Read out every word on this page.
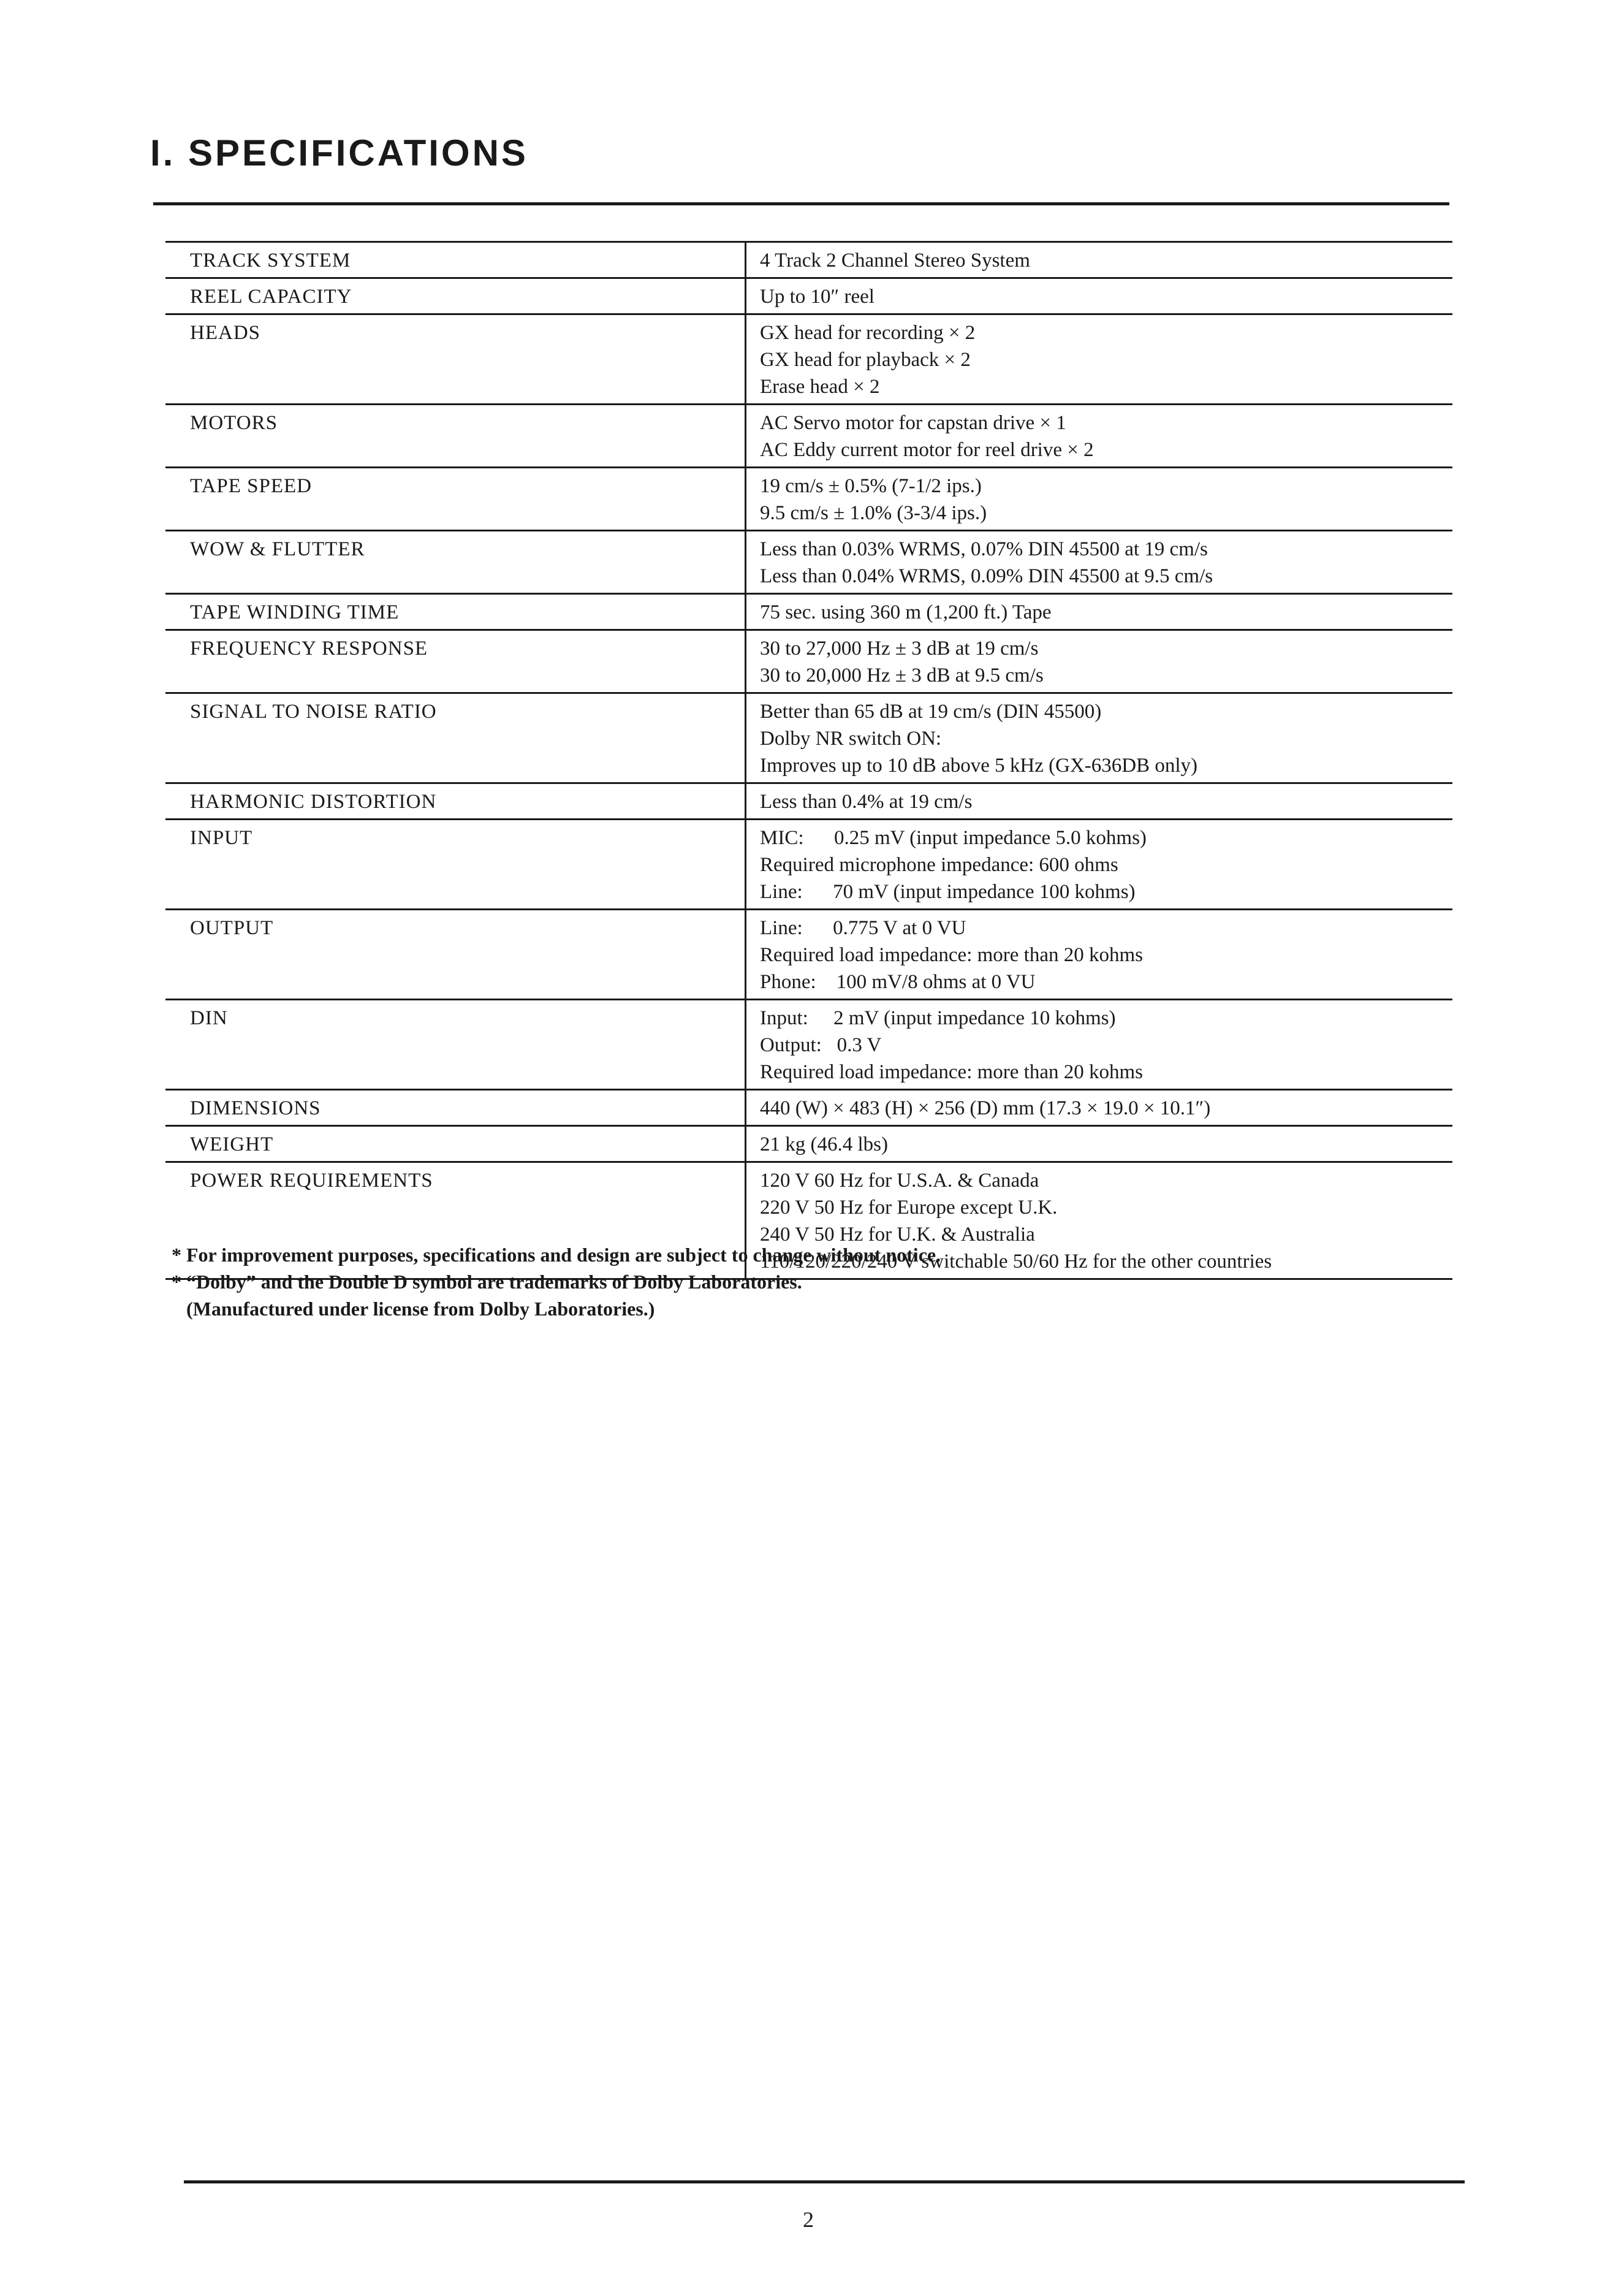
I. SPECIFICATIONS
TRACK SYSTEM	4 Track 2 Channel Stereo System

REEL CAPACITY	Up to 10″ reel

HEADS	GX head for recording × 2
GX head for playback × 2
Erase head × 2

MOTORS	AC Servo motor for capstan drive × 1
AC Eddy current motor for reel drive × 2

TAPE SPEED	19 cm/s ± 0.5% (7-1/2 ips.)
9.5 cm/s ± 1.0% (3-3/4 ips.)

WOW & FLUTTER	Less than 0.03% WRMS, 0.07% DIN 45500 at 19 cm/s
Less than 0.04% WRMS, 0.09% DIN 45500 at 9.5 cm/s

TAPE WINDING TIME	75 sec. using 360 m (1,200 ft.) Tape

FREQUENCY RESPONSE	30 to 27,000 Hz ± 3 dB at 19 cm/s
30 to 20,000 Hz ± 3 dB at 9.5 cm/s

SIGNAL TO NOISE RATIO	Better than 65 dB at 19 cm/s (DIN 45500)
Dolby NR switch ON:
Improves up to 10 dB above 5 kHz (GX-636DB only)

HARMONIC DISTORTION	Less than 0.4% at 19 cm/s

INPUT	MIC:      0.25 mV (input impedance 5.0 kohms)
Required microphone impedance: 600 ohms
Line:      70 mV (input impedance 100 kohms)

OUTPUT	Line:      0.775 V at 0 VU
Required load impedance: more than 20 kohms
Phone:    100 mV/8 ohms at 0 VU

DIN	Input:     2 mV (input impedance 10 kohms)
Output:   0.3 V
Required load impedance: more than 20 kohms

DIMENSIONS	440 (W) × 483 (H) × 256 (D) mm (17.3 × 19.0 × 10.1″)

WEIGHT	21 kg (46.4 lbs)

POWER REQUIREMENTS	120 V 60 Hz for U.S.A. & Canada
220 V 50 Hz for Europe except U.K.
240 V 50 Hz for U.K. & Australia
110/120/220/240 V switchable 50/60 Hz for the other countries
* For improvement purposes, specifications and design are subject to change without notice.
* “Dolby” and the Double D symbol are trademarks of Dolby Laboratories.
(Manufactured under license from Dolby Laboratories.)
2
